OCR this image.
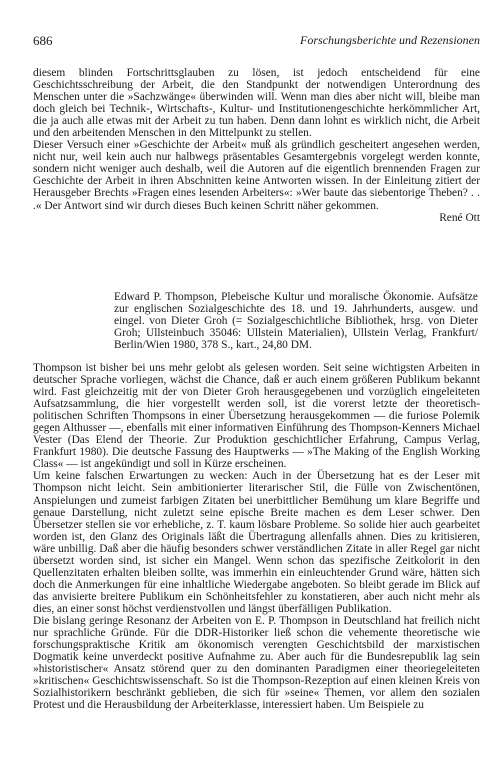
686	Forschungsberichte und Rezensionen

diesem blinden Fortschrittsglauben zu lösen, ist jedoch entscheidend für eine Geschichtsschreibung der Arbeit, die den Standpunkt der notwendigen Unterordnung des Menschen unter die »Sachzwänge« überwinden will. Wenn man dies aber nicht will, bleibe man doch gleich bei Technik-, Wirtschafts-, Kultur- und Institutionengeschichte herkömmlicher Art, die ja auch alle etwas mit der Arbeit zu tun haben. Denn dann lohnt es wirklich nicht, die Arbeit und den arbeitenden Menschen in den Mittelpunkt zu stellen.

Dieser Versuch einer »Geschichte der Arbeit« muß als gründlich gescheitert angesehen werden, nicht nur, weil kein auch nur halbwegs präsentables Gesamtergebnis vorgelegt werden konnte, sondern nicht weniger auch deshalb, weil die Autoren auf die eigentlich brennenden Fragen zur Geschichte der Arbeit in ihren Abschnitten keine Antworten wissen. In der Einleitung zitiert der Herausgeber Brechts »Fragen eines lesenden Arbeiters«: »Wer baute das siebentorige Theben? . . .« Der Antwort sind wir durch dieses Buch keinen Schritt näher gekommen.

René Ott
Edward P. Thompson, Plebeische Kultur und moralische Ökonomie. Aufsätze zur englischen Sozialgeschichte des 18. und 19. Jahrhunderts, ausgew. und eingel. von Dieter Groh (= Sozialgeschichtliche Bibliothek, hrsg. von Dieter Groh; Ullsteinbuch 35046: Ullstein Materialien), Ullstein Verlag, Frankfurt/ Berlin/Wien 1980, 378 S., kart., 24,80 DM.

Thompson ist bisher bei uns mehr gelobt als gelesen worden. Seit seine wichtigsten Arbeiten in deutscher Sprache vorliegen, wächst die Chance, daß er auch einem größeren Publikum bekannt wird. Fast gleichzeitig mit der von Dieter Groh herausgegebenen und vorzüglich eingeleiteten Aufsatzsammlung, die hier vorgestellt werden soll, ist die vorerst letzte der theoretisch-politischen Schriften Thompsons in einer Übersetzung herausgekommen — die furiose Polemik gegen Althusser —, ebenfalls mit einer informativen Einführung des Thompson-Kenners Michael Vester (Das Elend der Theorie. Zur Produktion geschichtlicher Erfahrung, Campus Verlag, Frankfurt 1980). Die deutsche Fassung des Hauptwerks — »The Making of the English Working Class« — ist angekündigt und soll in Kürze erscheinen.

Um keine falschen Erwartungen zu wecken: Auch in der Übersetzung hat es der Leser mit Thompson nicht leicht. Sein ambitionierter literarischer Stil, die Fülle von Zwischentönen, Anspielungen und zumeist farbigen Zitaten bei unerbittlicher Bemühung um klare Begriffe und genaue Darstellung, nicht zuletzt seine epische Breite machen es dem Leser schwer. Den Übersetzer stellen sie vor erhebliche, z. T. kaum lösbare Probleme. So solide hier auch gearbeitet worden ist, den Glanz des Originals läßt die Übertragung allenfalls ahnen. Dies zu kritisieren, wäre unbillig. Daß aber die häufig besonders schwer verständlichen Zitate in aller Regel gar nicht übersetzt worden sind, ist sicher ein Mangel. Wenn schon das spezifische Zeitkolorit in den Quellenzitaten erhalten bleiben sollte, was immerhin ein einleuchtender Grund wäre, hätten sich doch die Anmerkungen für eine inhaltliche Wiedergabe angeboten. So bleibt gerade im Blick auf das anvisierte breitere Publikum ein Schönheitsfehler zu konstatieren, aber auch nicht mehr als dies, an einer sonst höchst verdienstvollen und längst überfälligen Publikation.

Die bislang geringe Resonanz der Arbeiten von E. P. Thompson in Deutschland hat freilich nicht nur sprachliche Gründe. Für die DDR-Historiker ließ schon die vehemente theoretische wie forschungspraktische Kritik am ökonomisch verengten Geschichtsbild der marxistischen Dogmatik keine unverdeckt positive Aufnahme zu. Aber auch für die Bundesrepublik lag sein »historistischer« Ansatz störend quer zu den dominanten Paradigmen einer theoriegeleiteten »kritischen« Geschichtswissenschaft. So ist die Thompson-Rezeption auf einen kleinen Kreis von Sozialhistorikern beschränkt geblieben, die sich für »seine« Themen, vor allem den sozialen Protest und die Herausbildung der Arbeiterklasse, interessiert haben. Um Beispiele zu
